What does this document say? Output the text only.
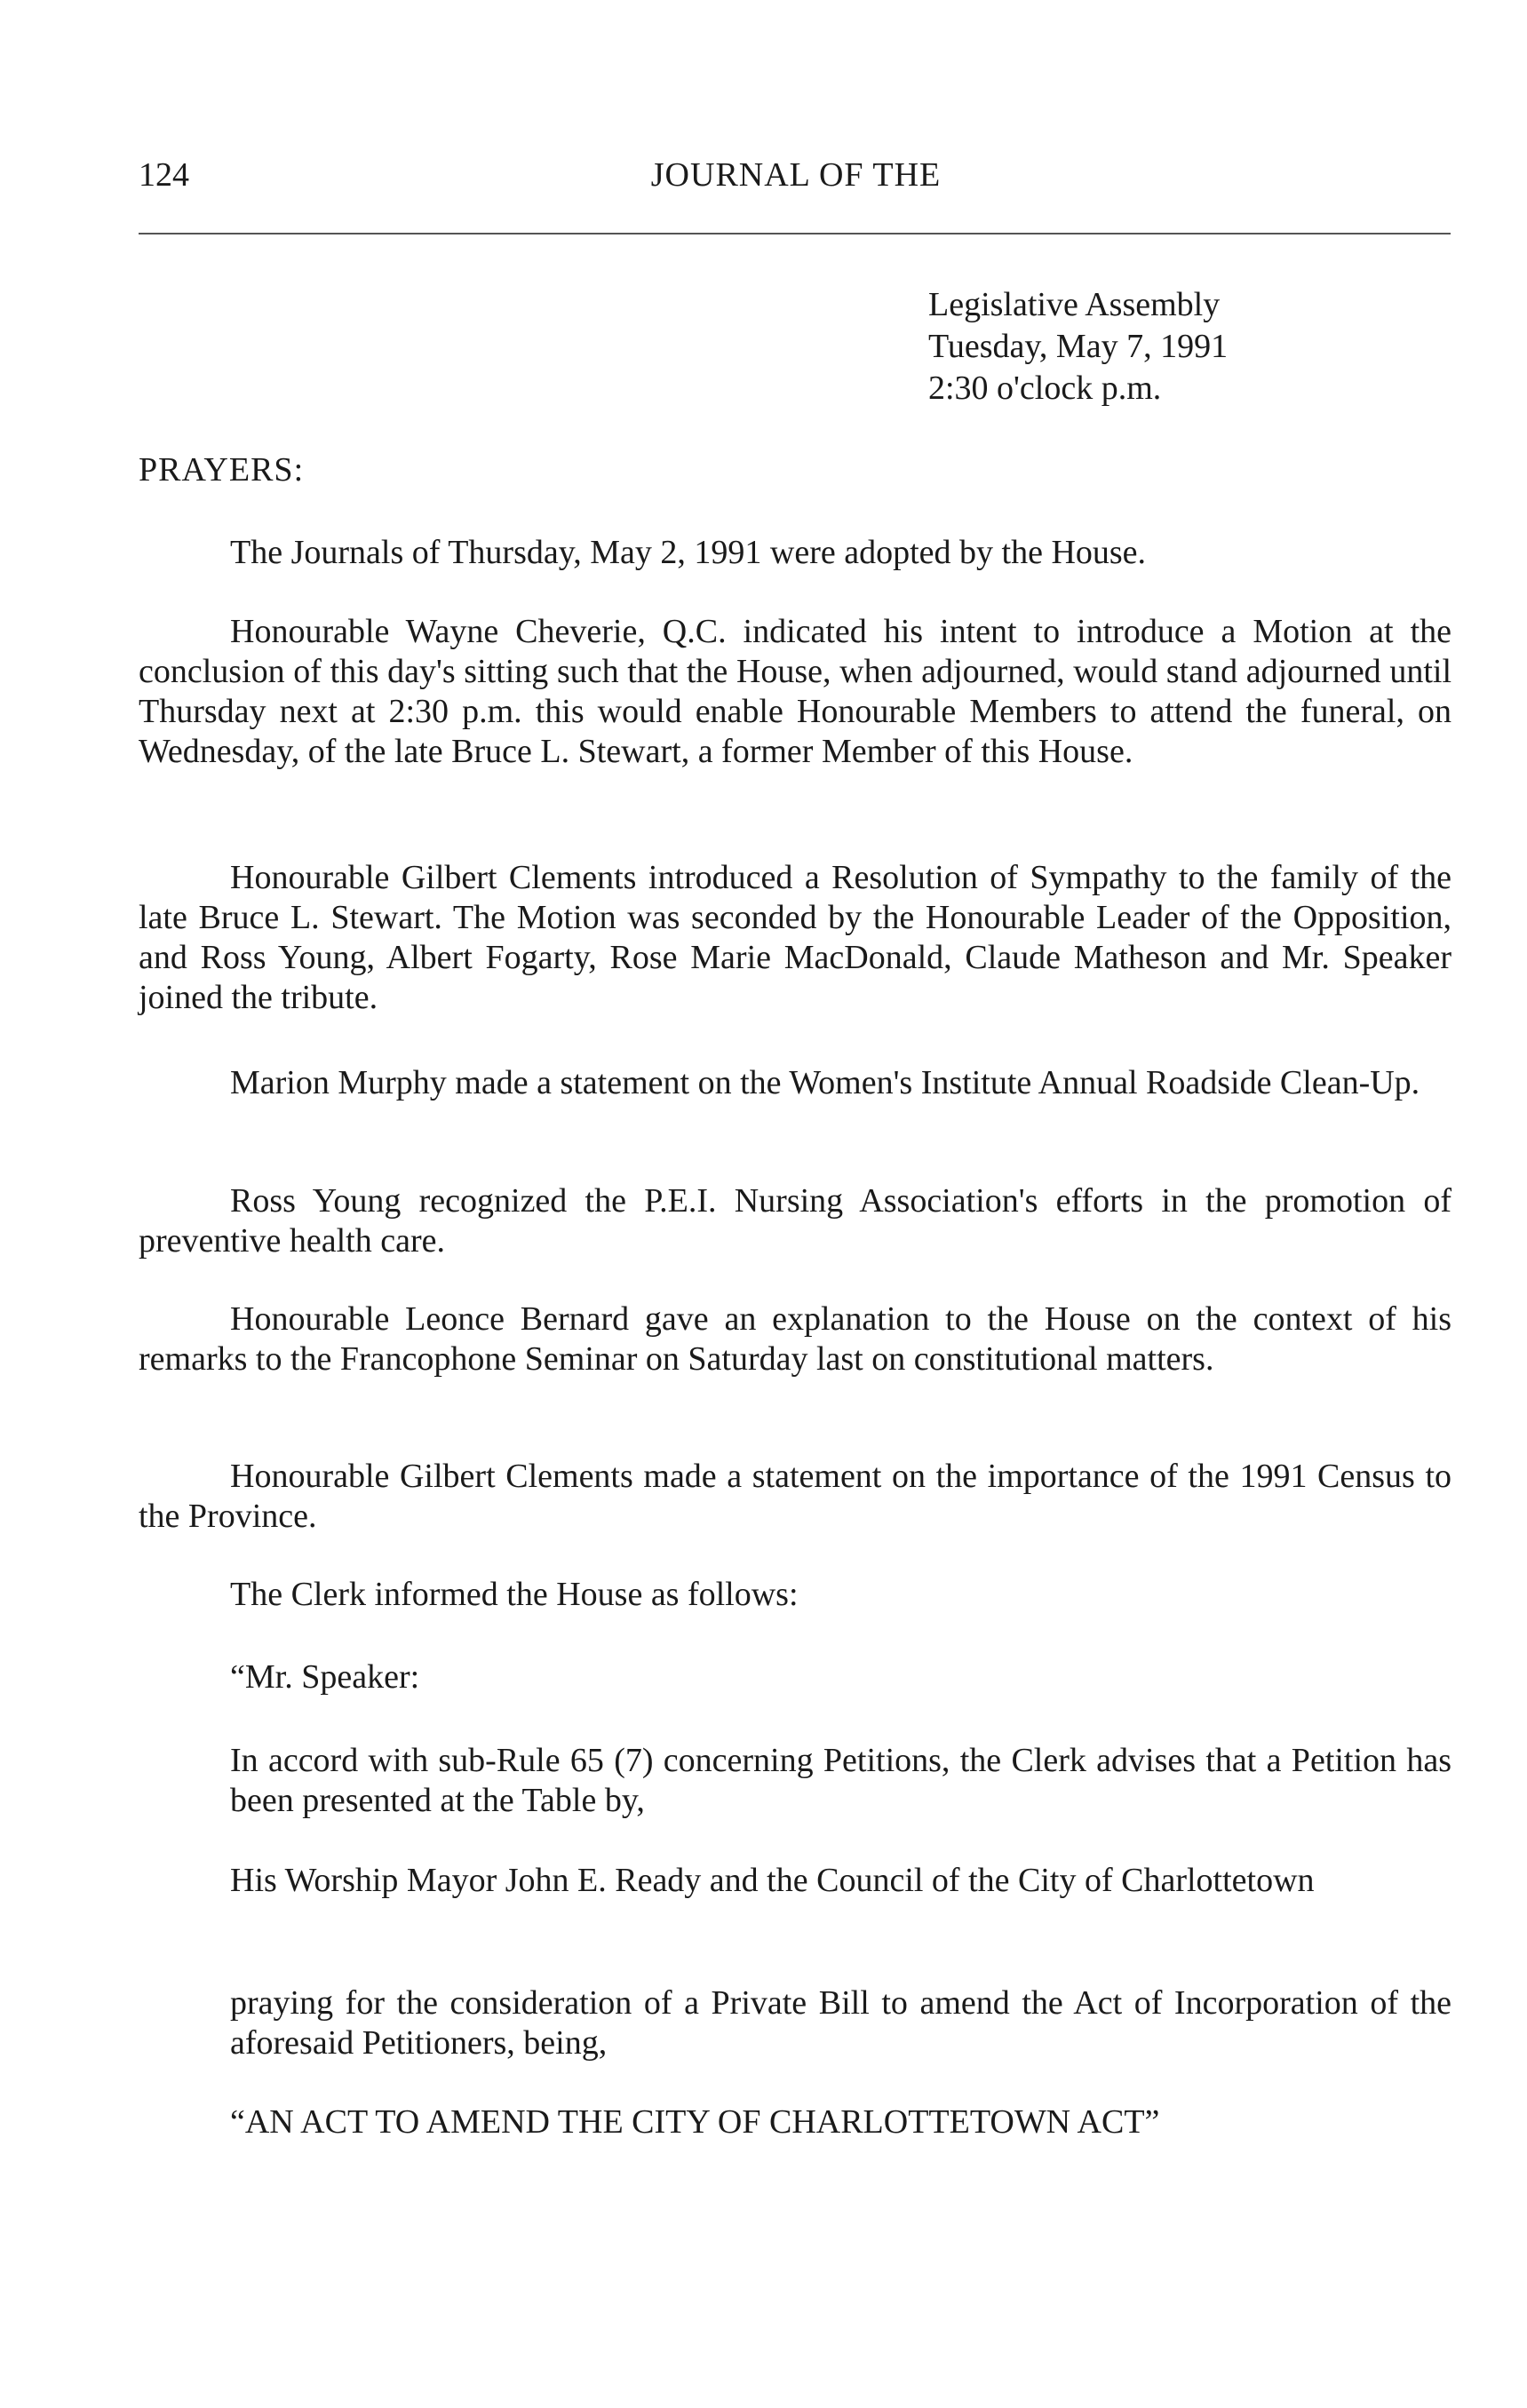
124	JOURNAL OF THE
Legislative Assembly
Tuesday, May 7, 1991
2:30 o'clock p.m.
PRAYERS:

The Journals of Thursday, May 2, 1991 were adopted by the House.

Honourable Wayne Cheverie, Q.C. indicated his intent to introduce a Motion at the conclusion of this day's sitting such that the House, when adjourned, would stand adjourned until Thursday next at 2:30 p.m. this would enable Honourable Members to attend the funeral, on Wednesday, of the late Bruce L. Stewart, a former Member of this House.

Honourable Gilbert Clements introduced a Resolution of Sympathy to the family of the late Bruce L. Stewart. The Motion was seconded by the Honourable Leader of the Opposition, and Ross Young, Albert Fogarty, Rose Marie MacDonald, Claude Matheson and Mr. Speaker joined the tribute.

Marion Murphy made a statement on the Women's Institute Annual Roadside Clean-Up.

Ross Young recognized the P.E.I. Nursing Association's efforts in the promotion of preventive health care.

Honourable Leonce Bernard gave an explanation to the House on the context of his remarks to the Francophone Seminar on Saturday last on constitutional matters.

Honourable Gilbert Clements made a statement on the importance of the 1991 Census to the Province.

The Clerk informed the House as follows:

“Mr. Speaker:

In accord with sub-Rule 65 (7) concerning Petitions, the Clerk advises that a Petition has been presented at the Table by,

His Worship Mayor John E. Ready and the Council of the City of Charlottetown

praying for the consideration of a Private Bill to amend the Act of Incorporation of the aforesaid Petitioners, being,

“AN ACT TO AMEND THE CITY OF CHARLOTTETOWN ACT”
